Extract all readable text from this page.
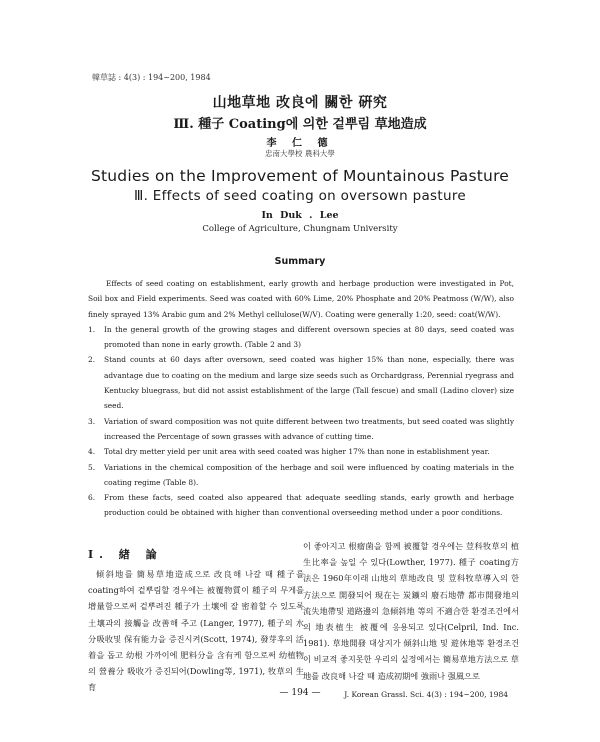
韓草誌 : 4(3) : 194~200, 1984
山地草地 改良에 關한 硏究
Ⅲ. 種子 Coating에 의한 겉뿌림 草地造成
李 仁 德
忠南大學校 農科大學
Studies on the Improvement of Mountainous Pasture
Ⅲ. Effects of seed coating on oversown pasture
In Duk . Lee
College of Agriculture, Chungnam University
Summary

Effects of seed coating on establishment, early growth and herbage production were investigated in Pot, Soil box and Field experiments. Seed was coated with 60% Lime, 20% Phosphate and 20% Peatmoss (W/W), also finely sprayed 13% Arabic gum and 2% Methyl cellulose(W/V). Coating were generally 1:20, seed: coat(W/W).

1. In the general growth of the growing stages and different oversown species at 80 days, seed coated was promoted than none in early growth. (Table 2 and 3)
2. Stand counts at 60 days after oversown, seed coated was higher 15% than none, especially, there was advantage due to coating on the medium and large size seeds such as Orchardgrass, Perennial ryegrass and Kentucky bluegrass, but did not assist establishment of the large (Tall fescue) and small (Ladino clover) size seed.
3. Variation of sward composition was not quite different between two treatments, but seed coated was slightly increased the Percentage of sown grasses with advance of cutting time.
4. Total dry metter yield per unit area with seed coated was higher 17% than none in establishment year.
5. Variations in the chemical composition of the herbage and soil were influenced by coating materials in the coating regime (Table 8).
6. From these facts, seed coated also appeared that adequate seedling stands, early growth and herbage production could be obtained with higher than conventional overseeding method under a poor conditions.
Ⅰ. 緖 論

傾斜地를 簡易草地造成으로 改良해 나갈 때 種子를 coating하여 겉뿌림할 경우에는 被覆物質이 種子의 무게를 增量함으로써 겉뿌려진 種子가 土壤에 잘 密着할 수 있도록 土壤과의 接觸을 改善해 주고 (Langer, 1977), 種子의 水分吸收및 保有能力을 증진시켜(Scott, 1974), 發芽후의 活着을 돕고 幼根 가까이에 肥料分을 含有케 함으로써 幼植物의 營養分 吸收가 증진되어(Dowling等, 1971), 牧草의 生育

이 좋아지고 根瘤菌을 함께 被覆할 경우에는 荳科牧草의 植生比率을 높일 수 있다(Lowther, 1977). 種子 coating方法은 1960年이래 山地의 草地改良 및 荳科牧草導入의 한 方法으로 開發되어 現在는 炭鑛의 廢石地帶 都市開發地의 流失地帶및 道路邊의 急傾斜地 等의 不適合한 환경조건에서의 地表植生 被覆에 응용되고 있다(Celpril, Ind. Inc. 1981). 草地開發 대상지가 傾斜山地 및 遊休地等 환경조건이 비교적 좋지못한 우리의 실정에서는 簡易草地方法으로 草地를 改良해 나갈 때 造成初期에 強雨나 强風으로

— 194 —	J. Korean Grassl. Sci. 4(3) : 194~200, 1984
